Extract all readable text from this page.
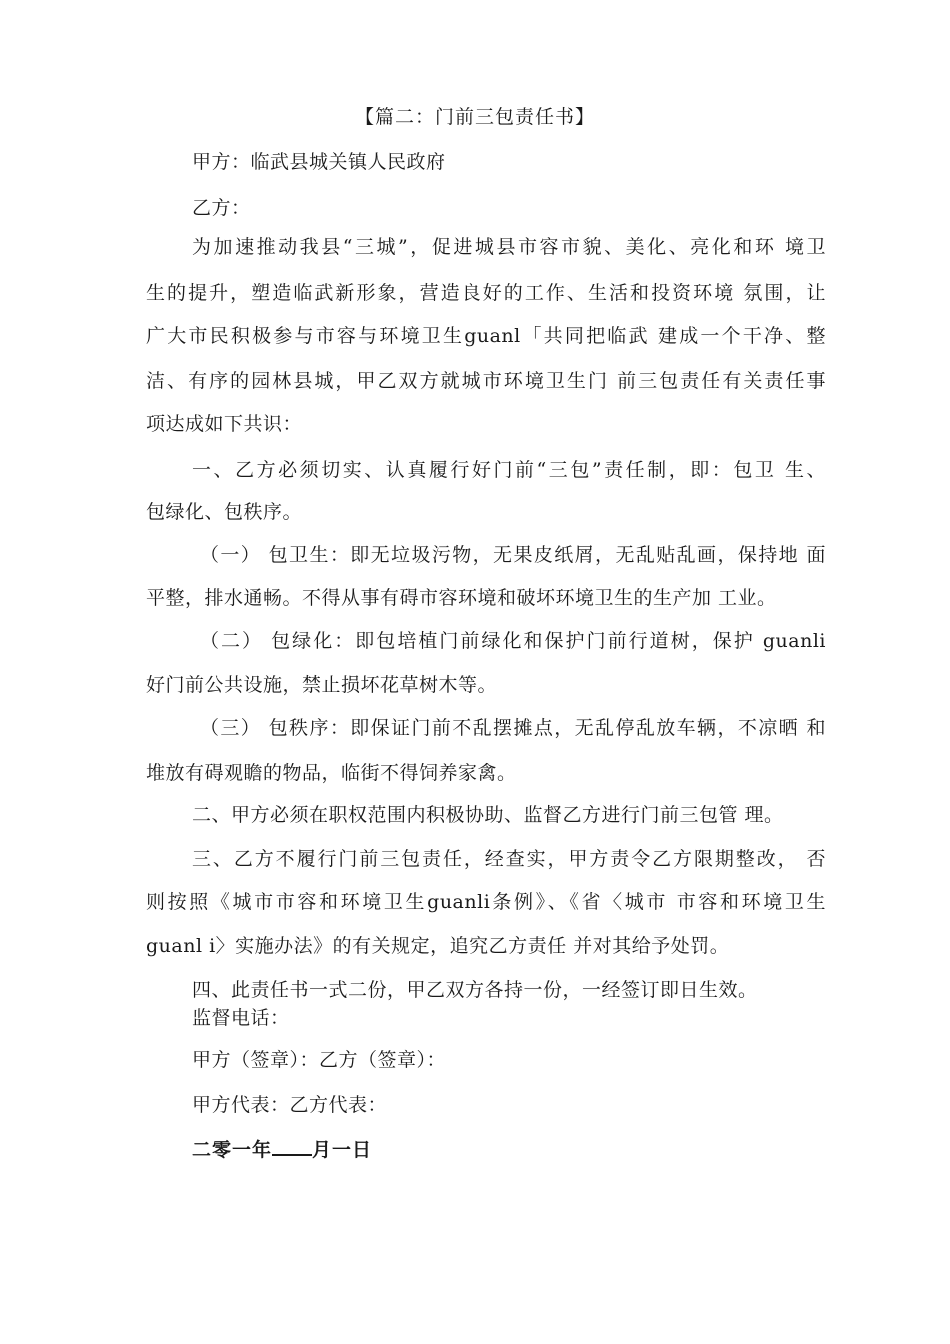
【篇二：门前三包责任书】
甲方：临武县城关镇人民政府
乙方：
为加速推动我县“三城”，促进城县市容市貌、美化、亮化和环 境卫
生的提升，塑造临武新形象，营造良好的工作、生活和投资环境 氛围，让
广大市民积极参与市容与环境卫生guanl「共同把临武 建成一个干净、整
洁、有序的园林县城，甲乙双方就城市环境卫生门 前三包责任有关责任事
项达成如下共识：
一、乙方必须切实、认真履行好门前“三包”责任制，即：包卫 生、
包绿化、包秩序。
（一） 包卫生：即无垃圾污物，无果皮纸屑，无乱贴乱画，保持地 面
平整，排水通畅。不得从事有碍市容环境和破坏环境卫生的生产加 工业。
（二） 包绿化：即包培植门前绿化和保护门前行道树，保护 guanli
好门前公共设施，禁止损坏花草树木等。
（三） 包秩序：即保证门前不乱摆摊点，无乱停乱放车辆，不凉晒 和
堆放有碍观瞻的物品，临街不得饲养家禽。
二、甲方必须在职权范围内积极协助、监督乙方进行门前三包管 理。
三、乙方不履行门前三包责任，经查实，甲方责令乙方限期整改， 否
则按照《城市市容和环境卫生guanli条例》、《省〈城市 市容和环境卫生
guanl i〉实施办法》的有关规定，追究乙方责任 并对其给予处罚。
四、此责任书一式二份，甲乙双方各持一份，一经签订即日生效。
监督电话：
甲方（签章）：乙方（签章）：
甲方代表：乙方代表：
二零一年 月一日
